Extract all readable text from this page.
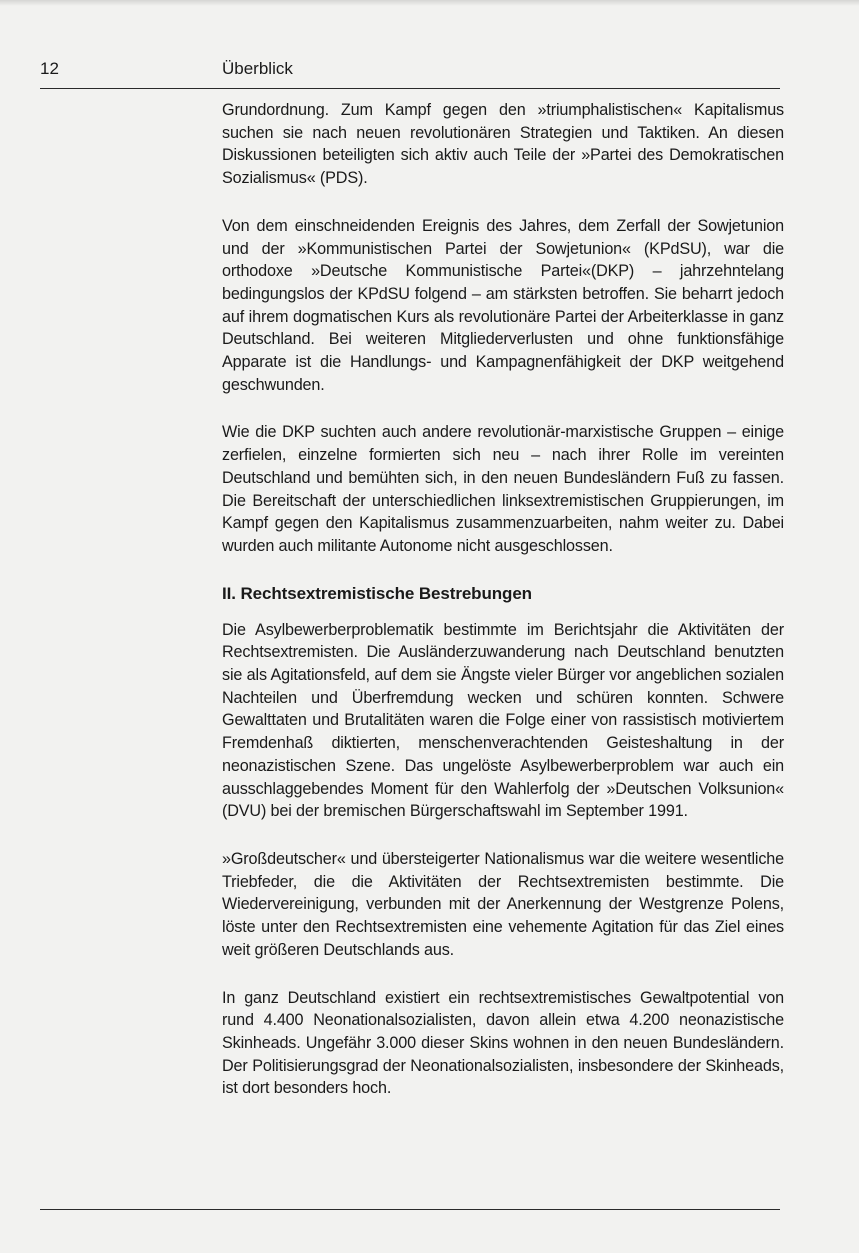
12	Überblick

Grundordnung. Zum Kampf gegen den »triumphalistischen« Kapitalismus suchen sie nach neuen revolutionären Strategien und Taktiken. An diesen Diskussionen beteiligten sich aktiv auch Teile der »Partei des Demokratischen Sozialismus« (PDS).

Von dem einschneidenden Ereignis des Jahres, dem Zerfall der Sowjetunion und der »Kommunistischen Partei der Sowjetunion« (KPdSU), war die orthodoxe »Deutsche Kommunistische Partei«(DKP) – jahrzehntelang bedingungslos der KPdSU folgend – am stärksten betroffen. Sie beharrt jedoch auf ihrem dogmatischen Kurs als revolutionäre Partei der Arbeiterklasse in ganz Deutschland. Bei weiteren Mitgliederverlusten und ohne funktionsfähige Apparate ist die Handlungs- und Kampagnenfähigkeit der DKP weitgehend geschwunden.

Wie die DKP suchten auch andere revolutionär-marxistische Gruppen – einige zerfielen, einzelne formierten sich neu – nach ihrer Rolle im vereinten Deutschland und bemühten sich, in den neuen Bundesländern Fuß zu fassen. Die Bereitschaft der unterschiedlichen linksextremistischen Gruppierungen, im Kampf gegen den Kapitalismus zusammenzuarbeiten, nahm weiter zu. Dabei wurden auch militante Autonome nicht ausgeschlossen.

II. Rechtsextremistische Bestrebungen

Die Asylbewerberproblematik bestimmte im Berichtsjahr die Aktivitäten der Rechtsextremisten. Die Ausländerzuwanderung nach Deutschland benutzten sie als Agitationsfeld, auf dem sie Ängste vieler Bürger vor angeblichen sozialen Nachteilen und Überfremdung wecken und schüren konnten. Schwere Gewalttaten und Brutalitäten waren die Folge einer von rassistisch motiviertem Fremdenhaß diktierten, menschenverachtenden Geisteshaltung in der neonazistischen Szene. Das ungelöste Asylbewerberproblem war auch ein ausschlaggebendes Moment für den Wahlerfolg der »Deutschen Volksunion« (DVU) bei der bremischen Bürgerschaftswahl im September 1991.

»Großdeutscher« und übersteigerter Nationalismus war die weitere wesentliche Triebfeder, die die Aktivitäten der Rechtsextremisten bestimmte. Die Wiedervereinigung, verbunden mit der Anerkennung der Westgrenze Polens, löste unter den Rechtsextremisten eine vehemente Agitation für das Ziel eines weit größeren Deutschlands aus.

In ganz Deutschland existiert ein rechtsextremistisches Gewaltpotential von rund 4.400 Neonationalsozialisten, davon allein etwa 4.200 neonazistische Skinheads. Ungefähr 3.000 dieser Skins wohnen in den neuen Bundesländern. Der Politisierungsgrad der Neonationalsozialisten, insbesondere der Skinheads, ist dort besonders hoch.
